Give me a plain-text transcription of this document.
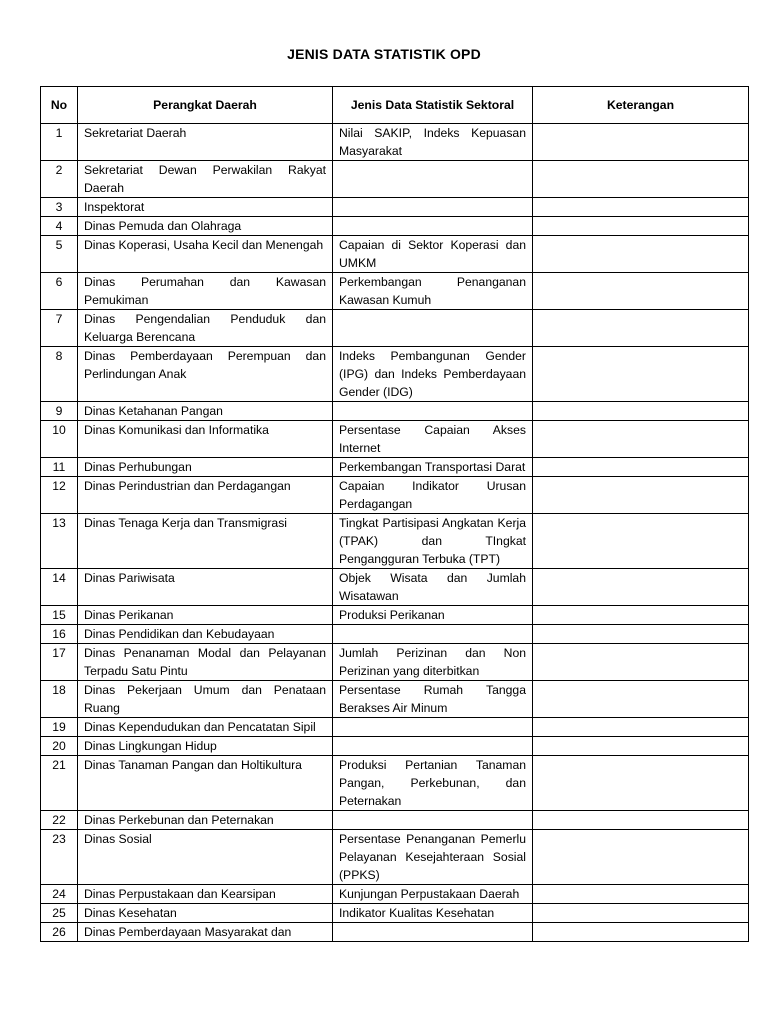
JENIS DATA STATISTIK OPD
No	Perangkat Daerah	Jenis Data Statistik Sektoral	Keterangan
1	Sekretariat Daerah	Nilai SAKIP, Indeks Kepuasan Masyarakat	
2	Sekretariat Dewan Perwakilan Rakyat Daerah		
3	Inspektorat		
4	Dinas Pemuda dan Olahraga		
5	Dinas Koperasi, Usaha Kecil dan Menengah	Capaian di Sektor Koperasi dan UMKM	
6	Dinas Perumahan dan Kawasan Pemukiman	Perkembangan Penanganan Kawasan Kumuh	
7	Dinas Pengendalian Penduduk dan Keluarga Berencana		
8	Dinas Pemberdayaan Perempuan dan Perlindungan Anak	Indeks Pembangunan Gender (IPG) dan Indeks Pemberdayaan Gender (IDG)	
9	Dinas Ketahanan Pangan		
10	Dinas Komunikasi dan Informatika	Persentase Capaian Akses Internet	
11	Dinas Perhubungan	Perkembangan Transportasi Darat	
12	Dinas Perindustrian dan Perdagangan	Capaian Indikator Urusan Perdagangan	
13	Dinas Tenaga Kerja dan Transmigrasi	Tingkat Partisipasi Angkatan Kerja (TPAK) dan TIngkat Pengangguran Terbuka (TPT)	
14	Dinas Pariwisata	Objek Wisata dan Jumlah Wisatawan	
15	Dinas Perikanan	Produksi Perikanan	
16	Dinas Pendidikan dan Kebudayaan		
17	Dinas Penanaman Modal dan Pelayanan Terpadu Satu Pintu	Jumlah Perizinan dan Non Perizinan yang diterbitkan	
18	Dinas Pekerjaan Umum dan Penataan Ruang	Persentase Rumah Tangga Berakses Air Minum	
19	Dinas Kependudukan dan Pencatatan Sipil		
20	Dinas Lingkungan Hidup		
21	Dinas Tanaman Pangan dan Holtikultura	Produksi Pertanian Tanaman Pangan, Perkebunan, dan Peternakan	
22	Dinas Perkebunan dan Peternakan		
23	Dinas Sosial	Persentase Penanganan Pemerlu Pelayanan Kesejahteraan Sosial (PPKS)	
24	Dinas Perpustakaan dan Kearsipan	Kunjungan Perpustakaan Daerah	
25	Dinas Kesehatan	Indikator Kualitas Kesehatan	
26	Dinas Pemberdayaan Masyarakat dan		
